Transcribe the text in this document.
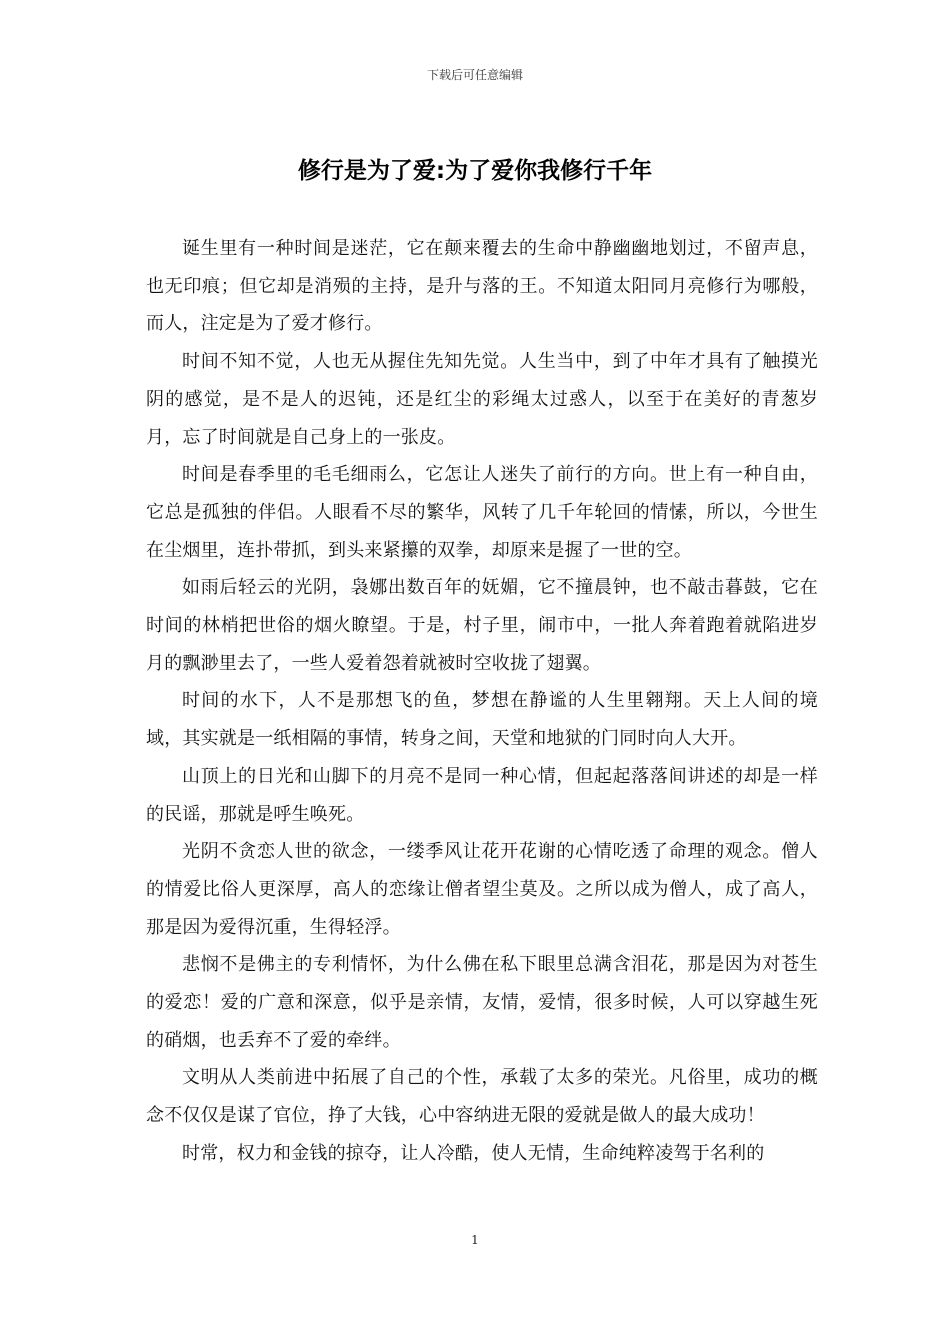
下载后可任意编辑
修行是为了爱:为了爱你我修行千年

诞生里有一种时间是迷茫，它在颠来覆去的生命中静幽幽地划过，不留声息，也无印痕；但它却是消殒的主持，是升与落的王。不知道太阳同月亮修行为哪般，而人，注定是为了爱才修行。

时间不知不觉，人也无从握住先知先觉。人生当中，到了中年才具有了触摸光阴的感觉，是不是人的迟钝，还是红尘的彩绳太过惑人，以至于在美好的青葱岁月，忘了时间就是自己身上的一张皮。

时间是春季里的毛毛细雨么，它怎让人迷失了前行的方向。世上有一种自由，它总是孤独的伴侣。人眼看不尽的繁华，风转了几千年轮回的情愫，所以，今世生在尘烟里，连扑带抓，到头来紧攥的双拳，却原来是握了一世的空。

如雨后轻云的光阴，袅娜出数百年的妩媚，它不撞晨钟，也不敲击暮鼓，它在时间的林梢把世俗的烟火瞭望。于是，村子里，闹市中，一批人奔着跑着就陷进岁月的飘渺里去了，一些人爱着怨着就被时空收拢了翅翼。

时间的水下，人不是那想飞的鱼，梦想在静谧的人生里翱翔。天上人间的境域，其实就是一纸相隔的事情，转身之间，天堂和地狱的门同时向人大开。

山顶上的日光和山脚下的月亮不是同一种心情，但起起落落间讲述的却是一样的民谣，那就是呼生唤死。

光阴不贪恋人世的欲念，一缕季风让花开花谢的心情吃透了命理的观念。僧人的情爱比俗人更深厚，高人的恋缘让僧者望尘莫及。之所以成为僧人，成了高人，那是因为爱得沉重，生得轻浮。

悲悯不是佛主的专利情怀，为什么佛在私下眼里总满含泪花，那是因为对苍生的爱恋！爱的广意和深意，似乎是亲情，友情，爱情，很多时候，人可以穿越生死的硝烟，也丢弃不了爱的牵绊。

文明从人类前进中拓展了自己的个性，承载了太多的荣光。凡俗里，成功的概念不仅仅是谋了官位，挣了大钱，心中容纳进无限的爱就是做人的最大成功！

时常，权力和金钱的掠夺，让人冷酷，使人无情，生命纯粹凌驾于名利的

1
